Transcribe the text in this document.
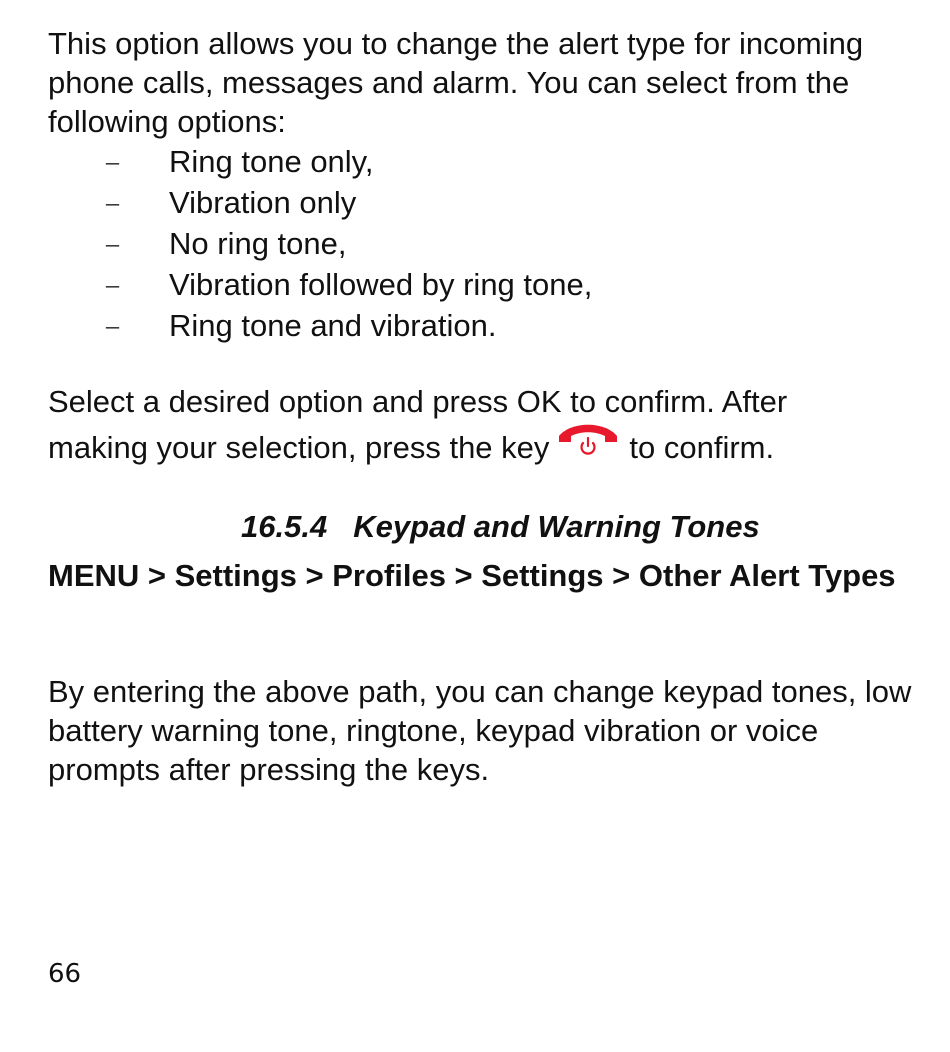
This option allows you to change the alert type for incoming phone calls, messages and alarm. You can select from the following options:

– Ring tone only,
– Vibration only
– No ring tone,
– Vibration followed by ring tone,
– Ring tone and vibration.

Select a desired option and press OK to confirm. After

making your selection, press the key	to confirm.
16.5.4 Keypad and Warning Tones

MENU > Settings > Profiles > Settings > Other Alert Types

By entering the above path, you can change keypad tones, low battery warning tone, ringtone, keypad vibration or voice prompts after pressing the keys.

66
